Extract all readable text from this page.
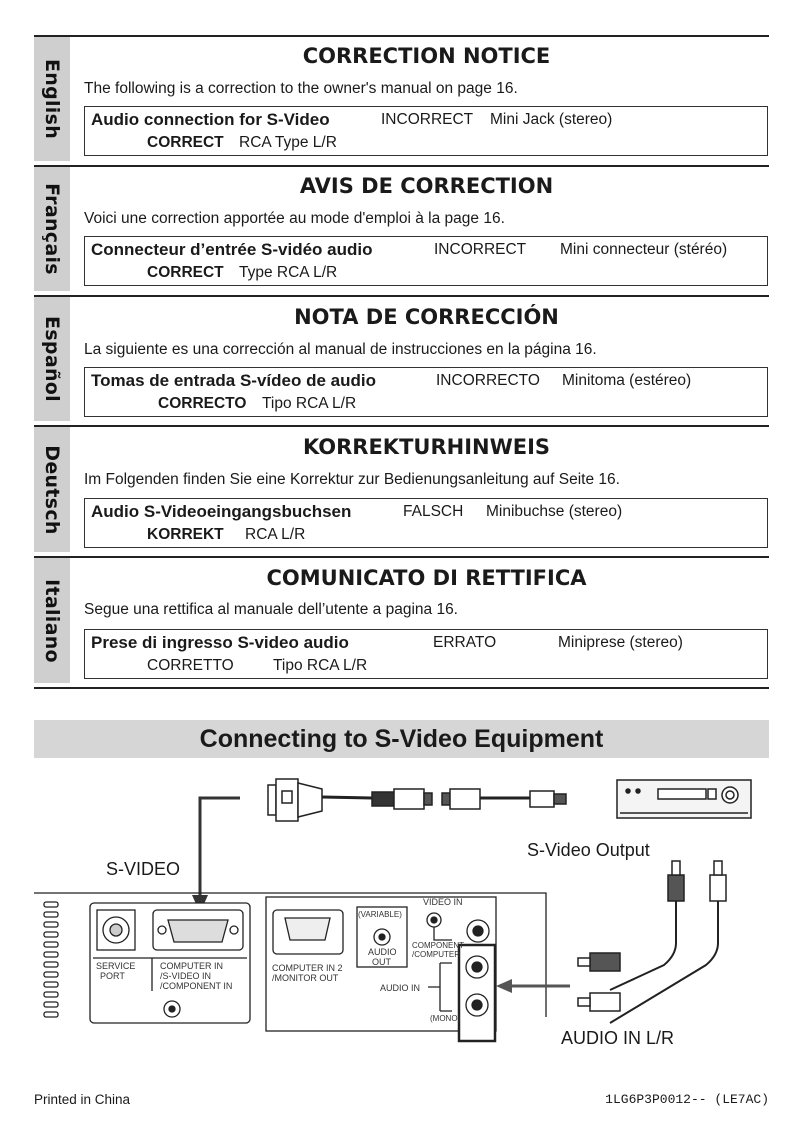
English
CORRECTION NOTICE
The following is a correction to the owner's manual on page 16.
Audio connection for S-Video	INCORRECT Mini Jack (stereo)
CORRECT RCA Type L/R
Français	AVIS DE CORRECTION
Voici une correction apportée au mode d'emploi à la page 16.
Connecteur d’entrée S-vidéo audio	INCORRECT Mini connecteur (stéréo)
CORRECT Type RCA L/R
Español	NOTA DE CORRECCIÓN
La siguiente es una corrección al manual de instrucciones en la página 16.
Tomas de entrada S-vídeo de audio	INCORRECTO Minitoma (estéreo)
CORRECTO Tipo RCA L/R
Deutsch	KORREKTURHINWEIS
Im Folgenden finden Sie eine Korrektur zur Bedienungsanleitung auf Seite 16.
Audio S-Videoeingangsbuchsen	FALSCH Minibuchse (stereo)
KORREKT RCA L/R
Italiano
COMUNICATO DI RETTIFICA
Segue una rettifica al manuale dell’utente a pagina 16.
Prese di ingresso S-video audio	ERRATO	Miniprese (stereo)
CORRETTO	Tipo RCA L/R
Connecting to S-Video Equipment
SERVICE PORT
COMPUTER IN /S-VIDEO IN /COMPONENT IN
COMPUTER IN 2 /MONITOR OUT
(VARIABLE)
AUDIO OUT
VIDEO IN
COMPONENT /COMPUTER
AUDIO IN
(MONO)
S-VIDEO
S-Video Output
AUDIO IN L/R
Printed in China	1LG6P3P0012-- (LE7AC)
